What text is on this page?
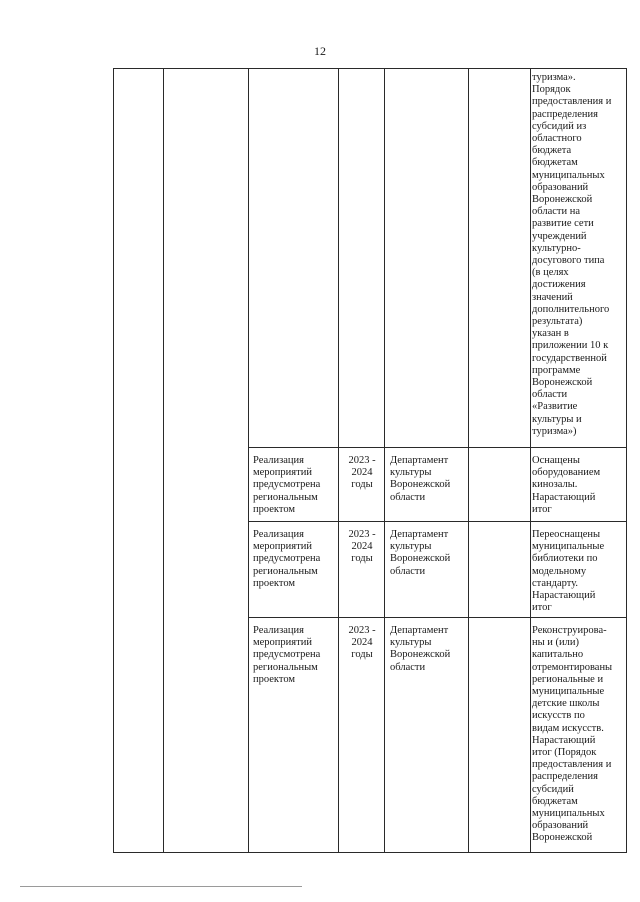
12
туризма».
Порядок
предоставления и
распределения
субсидий из
областного
бюджета
бюджетам
муниципальных
образований
Воронежской
области на
развитие сети
учреждений
культурно-
досугового типа
(в целях
достижения
значений
дополнительного
результата)
указан в
приложении 10 к
государственной
программе
Воронежской
области
«Развитие
культуры и
туризма»)
Реализация
мероприятий
предусмотрена
региональным
проектом
2023 -
2024
годы
Департамент
культуры
Воронежской
области
Оснащены
оборудованием
кинозалы.
Нарастающий
итог
Реализация
мероприятий
предусмотрена
региональным
проектом
2023 -
2024
годы
Департамент
культуры
Воронежской
области
Переоснащены
муниципальные
библиотеки по
модельному
стандарту.
Нарастающий
итог
Реализация
мероприятий
предусмотрена
региональным
проектом
2023 -
2024
годы
Департамент
культуры
Воронежской
области
Реконструирова-
ны и (или)
капитально
отремонтированы
региональные и
муниципальные
детские школы
искусств по
видам искусств.
Нарастающий
итог (Порядок
предоставления и
распределения
субсидий
бюджетам
муниципальных
образований
Воронежской
